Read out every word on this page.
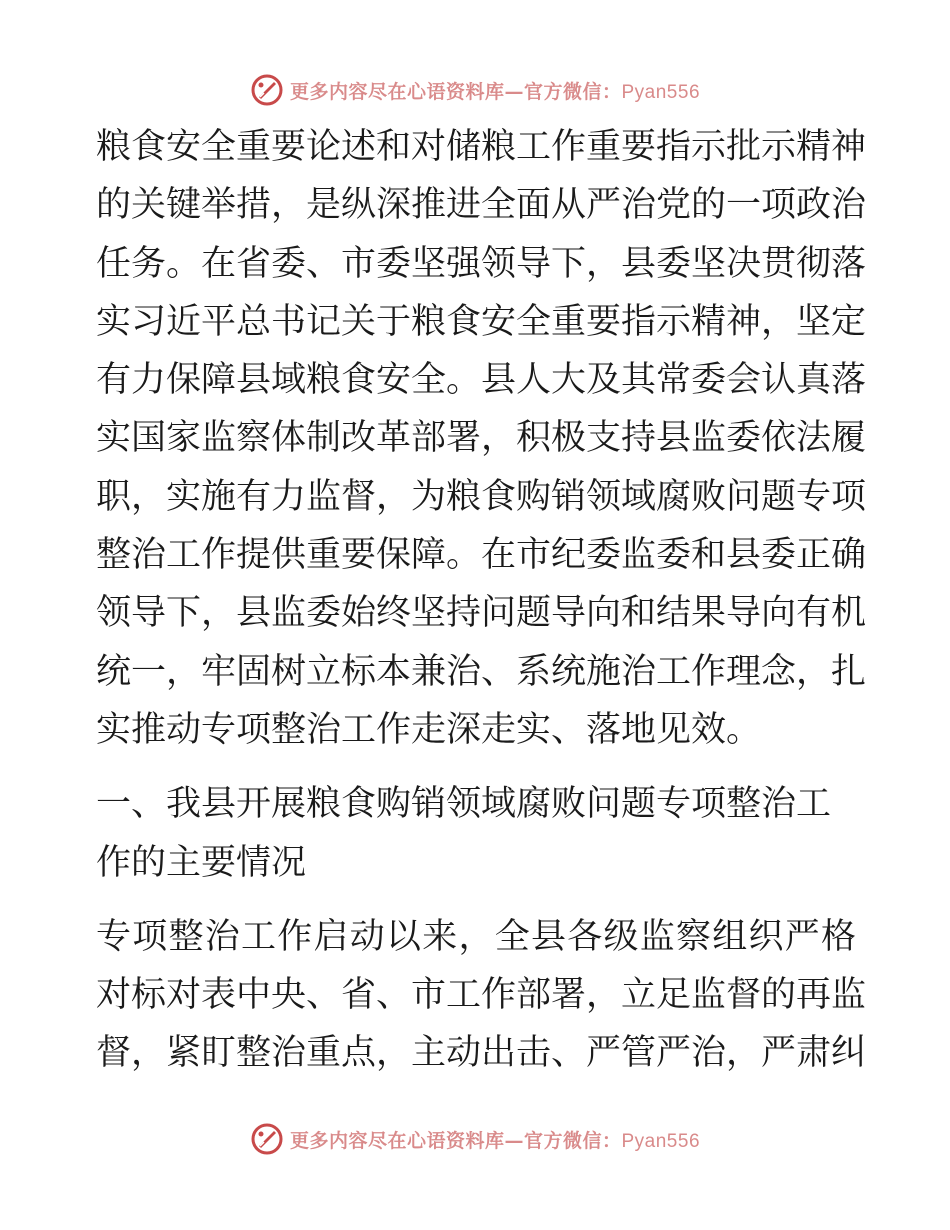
更多内容尽在心语资料库—官方微信：Pyan556
粮食安全重要论述和对储粮工作重要指示批示精神
的关键举措，是纵深推进全面从严治党的一项政治
任务。在省委、市委坚强领导下，县委坚决贯彻落
实习近平总书记关于粮食安全重要指示精神，坚定
有力保障县域粮食安全。县人大及其常委会认真落
实国家监察体制改革部署，积极支持县监委依法履
职，实施有力监督，为粮食购销领域腐败问题专项
整治工作提供重要保障。在市纪委监委和县委正确
领导下，县监委始终坚持问题导向和结果导向有机
统一，牢固树立标本兼治、系统施治工作理念，扎
实推动专项整治工作走深走实、落地见效。
一、我县开展粮食购销领域腐败问题专项整治工
作的主要情况
专项整治工作启动以来，全县各级监察组织严格
对标对表中央、省、市工作部署，立足监督的再监
督，紧盯整治重点，主动出击、严管严治，严肃纠
更多内容尽在心语资料库—官方微信：Pyan556
